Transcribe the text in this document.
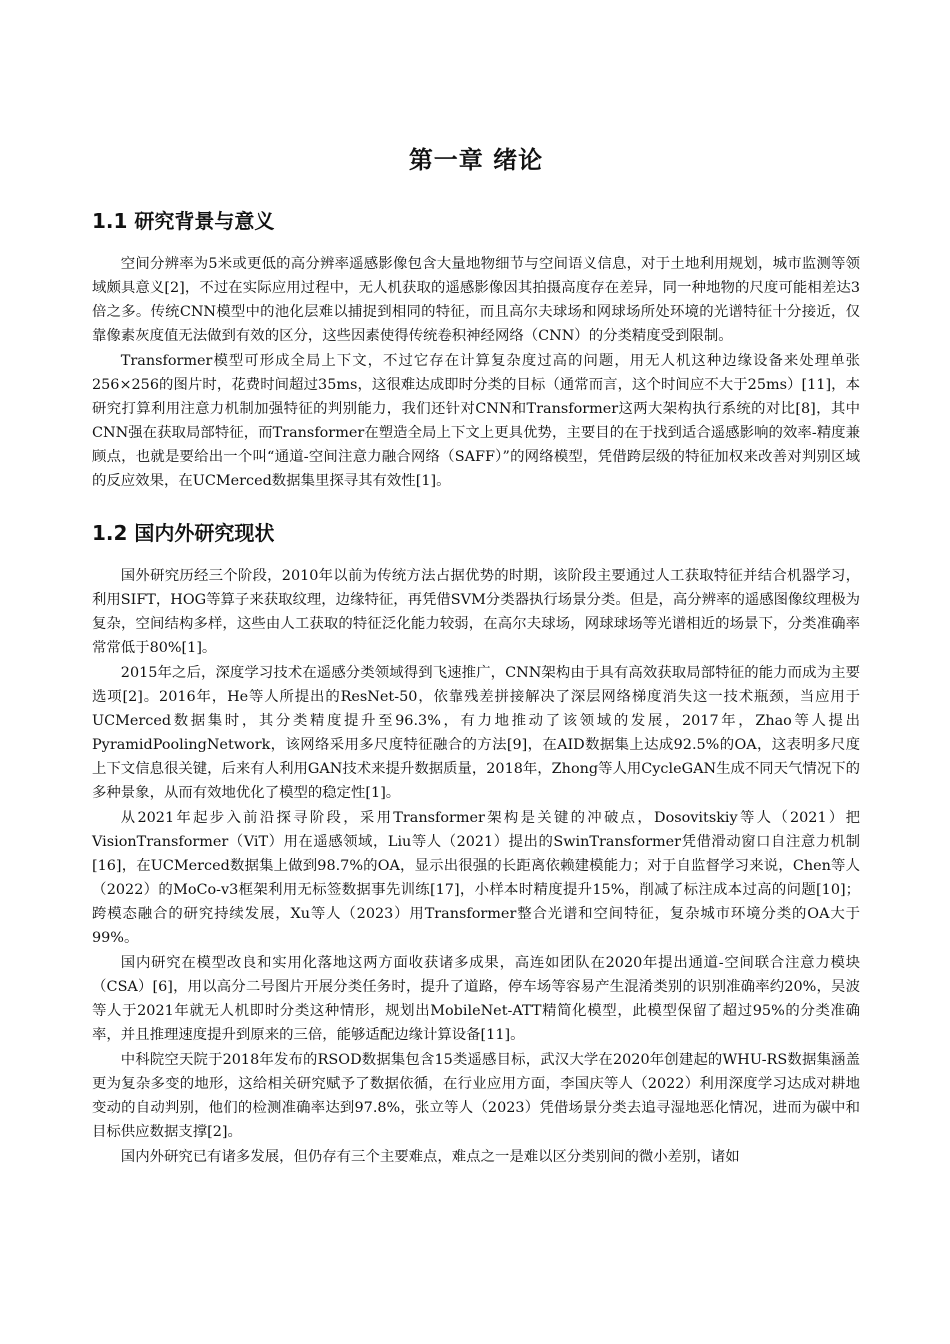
第一章 绪论
1.1 研究背景与意义

空间分辨率为5米或更低的高分辨率遥感影像包含大量地物细节与空间语义信息，对于土地利用规划，城市监测等领域颇具意义[2]，不过在实际应用过程中，无人机获取的遥感影像因其拍摄高度存在差异，同一种地物的尺度可能相差达3倍之多。传统CNN模型中的池化层难以捕捉到相同的特征，而且高尔夫球场和网球场所处环境的光谱特征十分接近，仅靠像素灰度值无法做到有效的区分，这些因素使得传统卷积神经网络（CNN）的分类精度受到限制。

Transformer模型可形成全局上下文，不过它存在计算复杂度过高的问题，用无人机这种边缘设备来处理单张256×256的图片时，花费时间超过35ms，这很难达成即时分类的目标（通常而言，这个时间应不大于25ms）[11]，本研究打算利用注意力机制加强特征的判别能力，我们还针对CNN和Transformer这两大架构执行系统的对比[8]，其中CNN强在获取局部特征，而Transformer在塑造全局上下文上更具优势，主要目的在于找到适合遥感影响的效率-精度兼顾点，也就是要给出一个叫“通道-空间注意力融合网络（SAFF）”的网络模型，凭借跨层级的特征加权来改善对判别区域的反应效果，在UCMerced数据集里探寻其有效性[1]。

1.2 国内外研究现状

国外研究历经三个阶段，2010年以前为传统方法占据优势的时期，该阶段主要通过人工获取特征并结合机器学习，利用SIFT，HOG等算子来获取纹理，边缘特征，再凭借SVM分类器执行场景分类。但是，高分辨率的遥感图像纹理极为复杂，空间结构多样，这些由人工获取的特征泛化能力较弱，在高尔夫球场，网球球场等光谱相近的场景下，分类准确率常常低于80%[1]。

2015年之后，深度学习技术在遥感分类领域得到飞速推广，CNN架构由于具有高效获取局部特征的能力而成为主要选项[2]。2016年，He等人所提出的ResNet-50，依靠残差拼接解决了深层网络梯度消失这一技术瓶颈，当应用于UCMerced数据集时，其分类精度提升至96.3%，有力地推动了该领域的发展，2017年，Zhao等人提出PyramidPoolingNetwork，该网络采用多尺度特征融合的方法[9]，在AID数据集上达成92.5%的OA，这表明多尺度上下文信息很关键，后来有人利用GAN技术来提升数据质量，2018年，Zhong等人用CycleGAN生成不同天气情况下的多种景象，从而有效地优化了模型的稳定性[1]。

从2021年起步入前沿探寻阶段，采用Transformer架构是关键的冲破点，Dosovitskiy等人（2021）把VisionTransformer（ViT）用在遥感领域，Liu等人（2021）提出的SwinTransformer凭借滑动窗口自注意力机制[16]，在UCMerced数据集上做到98.7%的OA，显示出很强的长距离依赖建模能力；对于自监督学习来说，Chen等人（2022）的MoCo-v3框架利用无标签数据事先训练[17]，小样本时精度提升15%，削减了标注成本过高的问题[10]；跨模态融合的研究持续发展，Xu等人（2023）用Transformer整合光谱和空间特征，复杂城市环境分类的OA大于99%。

国内研究在模型改良和实用化落地这两方面收获诸多成果，高连如团队在2020年提出通道-空间联合注意力模块（CSA）[6]，用以高分二号图片开展分类任务时，提升了道路，停车场等容易产生混淆类别的识别准确率约20%，吴波等人于2021年就无人机即时分类这种情形，规划出MobileNet-ATT精简化模型，此模型保留了超过95%的分类准确率，并且推理速度提升到原来的三倍，能够适配边缘计算设备[11]。

中科院空天院于2018年发布的RSOD数据集包含15类遥感目标，武汉大学在2020年创建起的WHU-RS数据集涵盖更为复杂多变的地形，这给相关研究赋予了数据依循，在行业应用方面，李国庆等人（2022）利用深度学习达成对耕地变动的自动判别，他们的检测准确率达到97.8%，张立等人（2023）凭借场景分类去追寻湿地恶化情况，进而为碳中和目标供应数据支撑[2]。

国内外研究已有诸多发展，但仍存有三个主要难点，难点之一是难以区分类别间的微小差别，诸如
